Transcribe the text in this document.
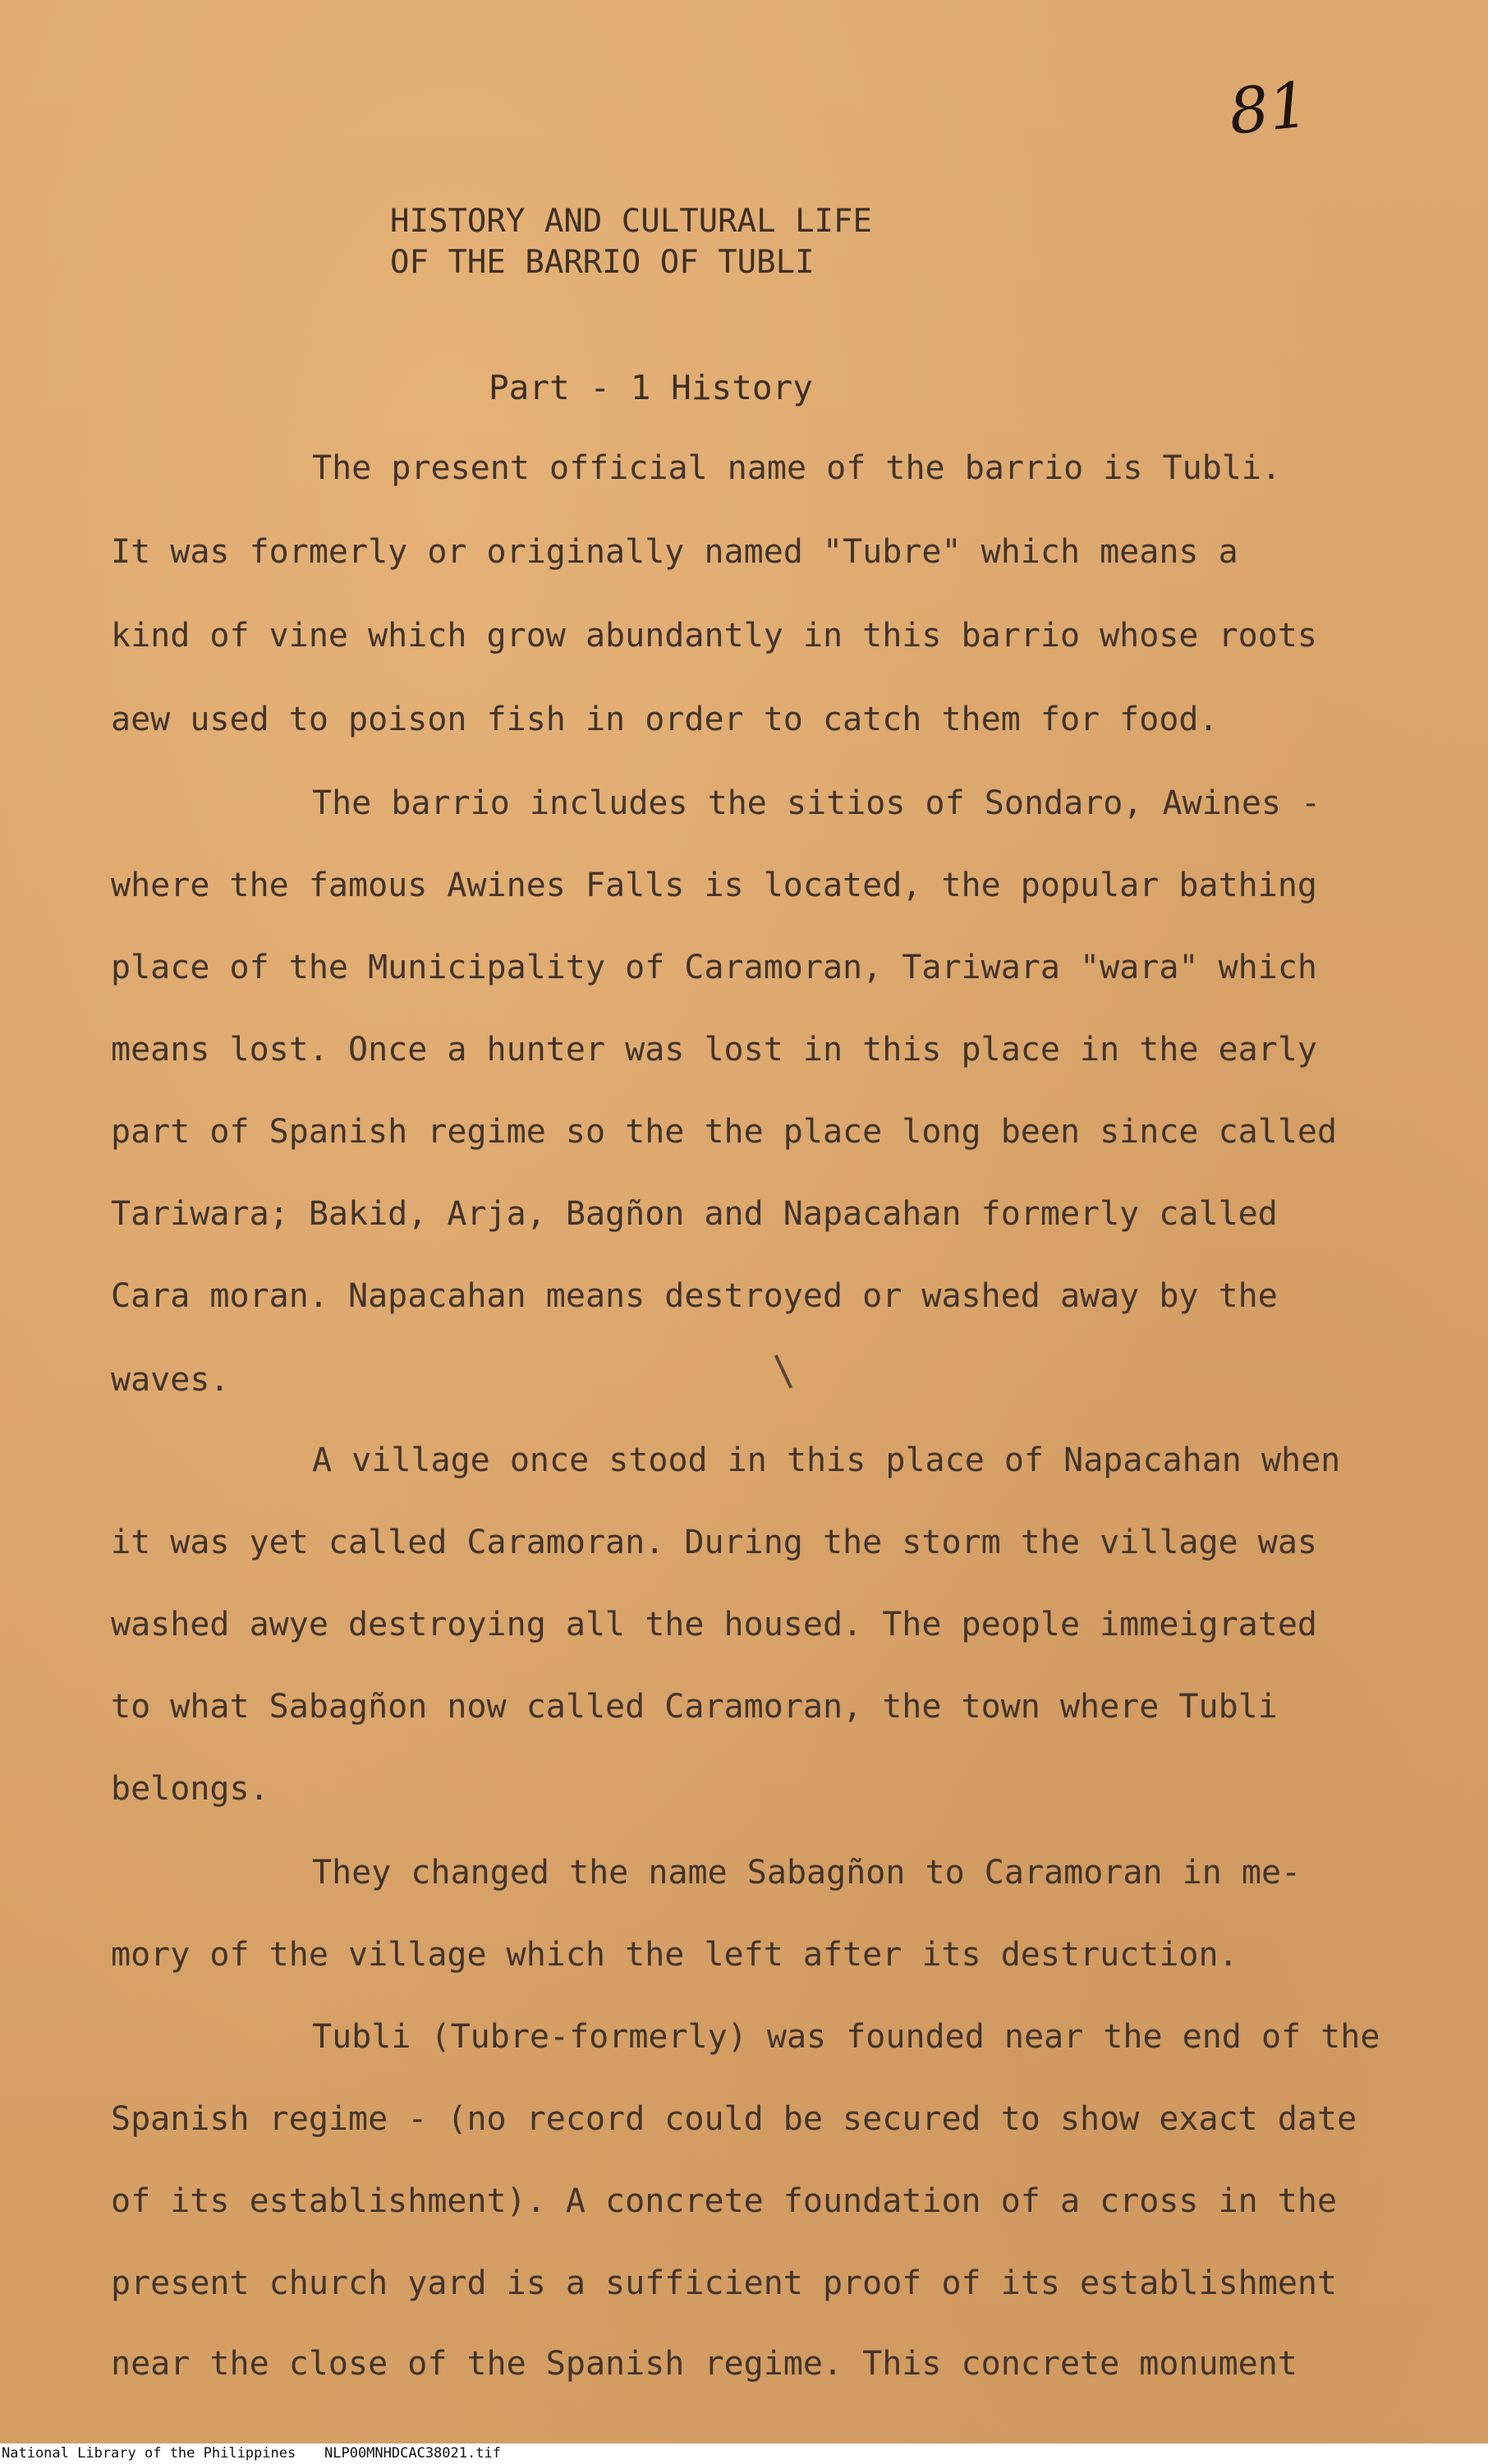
81
HISTORY AND CULTURAL LIFE
OF THE BARRIO OF TUBLI
Part - 1 History
The present official name of the barrio is Tubli.
It was formerly or originally named "Tubre" which means a
kind of vine which grow abundantly in this barrio whose roots
aew used to poison fish in order to catch them for food.
The barrio includes the sitios of Sondaro, Awines -
where the famous Awines Falls is located, the popular bathing
place of the Municipality of Caramoran, Tariwara "wara" which
means lost. Once a hunter was lost in this place in the early
part of Spanish regime so the the place long been since called
Tariwara; Bakid, Arja, Bagñon and Napacahan formerly called
Cara moran. Napacahan means destroyed or washed away by the
waves.
A village once stood in this place of Napacahan when
it was yet called Caramoran. During the storm the village was
washed awye destroying all the housed. The people immeigrated
to what Sabagñon now called Caramoran, the town where Tubli
belongs.
They changed the name Sabagñon to Caramoran in me-
mory of the village which the left after its destruction.
Tubli (Tubre-formerly) was founded near the end of the
Spanish regime - (no record could be secured to show exact date
of its establishment). A concrete foundation of a cross in the
present church yard is a sufficient proof of its establishment
near the close of the Spanish regime. This concrete monument
National Library of the Philippines NLP00MNHDCAC38021.tif
